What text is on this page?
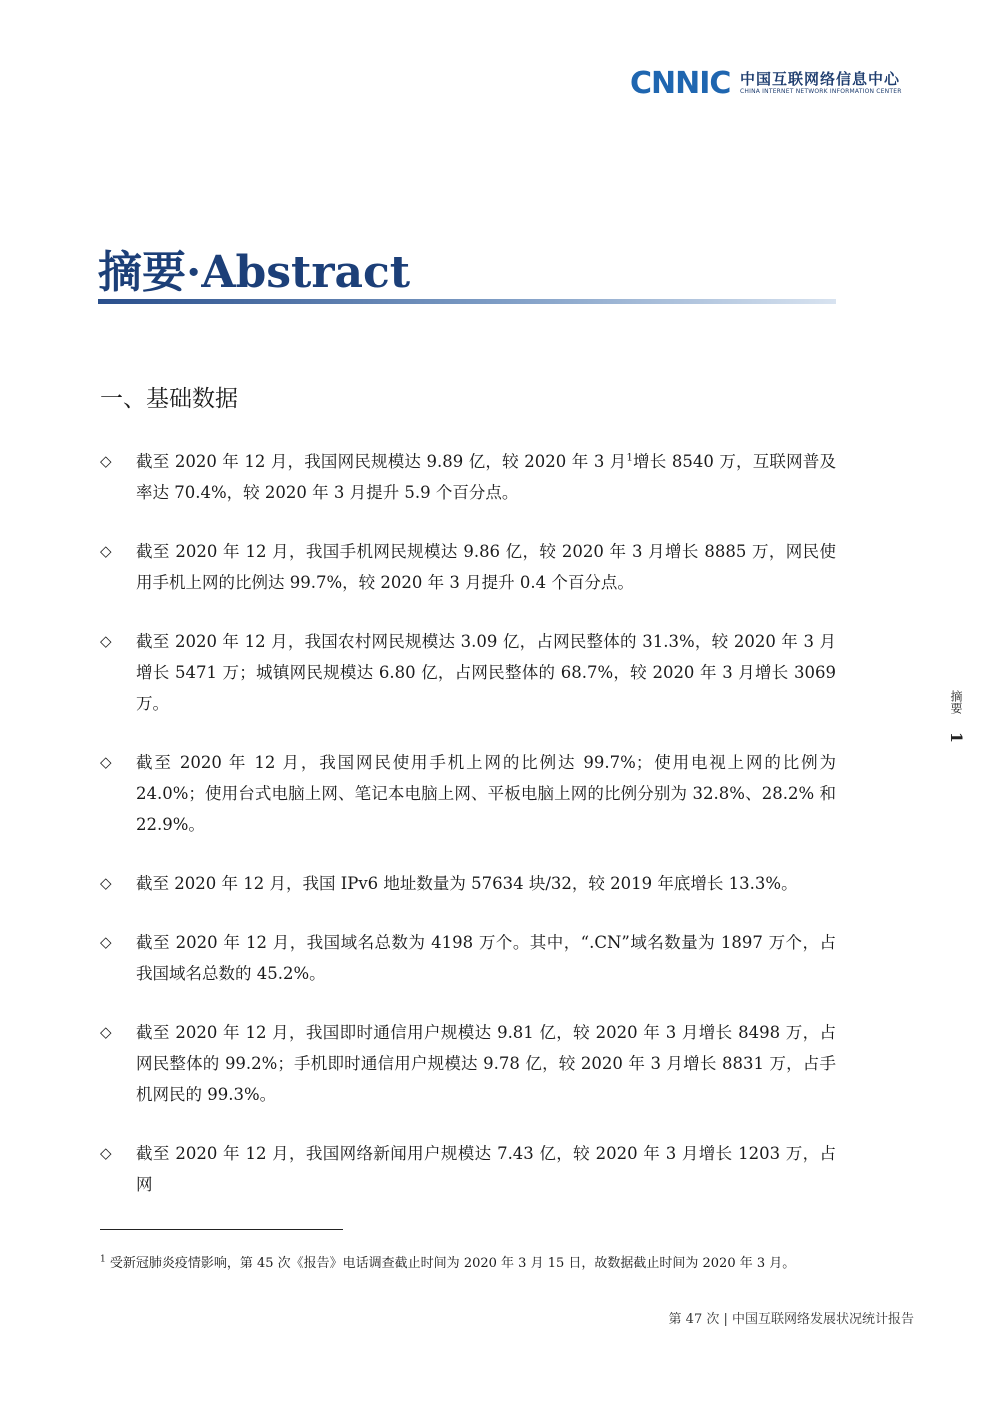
CNNIC 中国互联网络信息中心
CHINA INTERNET NETWORK INFORMATION CENTER
摘要·Abstract
一、基础数据
◇ 截至 2020 年 12 月，我国网民规模达 9.89 亿，较 2020 年 3 月$^1$增长 8540 万，互联网普及率达 70.4%，较 2020 年 3 月提升 5.9 个百分点。
◇ 截至 2020 年 12 月，我国手机网民规模达 9.86 亿，较 2020 年 3 月增长 8885 万，网民使用手机上网的比例达 99.7%，较 2020 年 3 月提升 0.4 个百分点。
◇ 截至 2020 年 12 月，我国农村网民规模达 3.09 亿，占网民整体的 31.3%，较 2020 年 3 月增长 5471 万；城镇网民规模达 6.80 亿，占网民整体的 68.7%，较 2020 年 3 月增长 3069 万。
◇ 截至 2020 年 12 月，我国网民使用手机上网的比例达 99.7%；使用电视上网的比例为 24.0%；使用台式电脑上网、笔记本电脑上网、平板电脑上网的比例分别为 32.8%、28.2% 和 22.9%。
◇ 截至 2020 年 12 月，我国 IPv6 地址数量为 57634 块/32，较 2019 年底增长 13.3%。
◇ 截至 2020 年 12 月，我国域名总数为 4198 万个。其中，“.CN”域名数量为 1897 万个，占我国域名总数的 45.2%。
◇ 截至 2020 年 12 月，我国即时通信用户规模达 9.81 亿，较 2020 年 3 月增长 8498 万，占网民整体的 99.2%；手机即时通信用户规模达 9.78 亿，较 2020 年 3 月增长 8831 万，占手机网民的 99.3%。
◇ 截至 2020 年 12 月，我国网络新闻用户规模达 7.43 亿，较 2020 年 3 月增长 1203 万，占网
$^1$ 受新冠肺炎疫情影响，第 45 次《报告》电话调查截止时间为 2020 年 3 月 15 日，故数据截止时间为 2020 年 3 月。
第 47 次 | 中国互联网络发展状况统计报告
摘要
1
